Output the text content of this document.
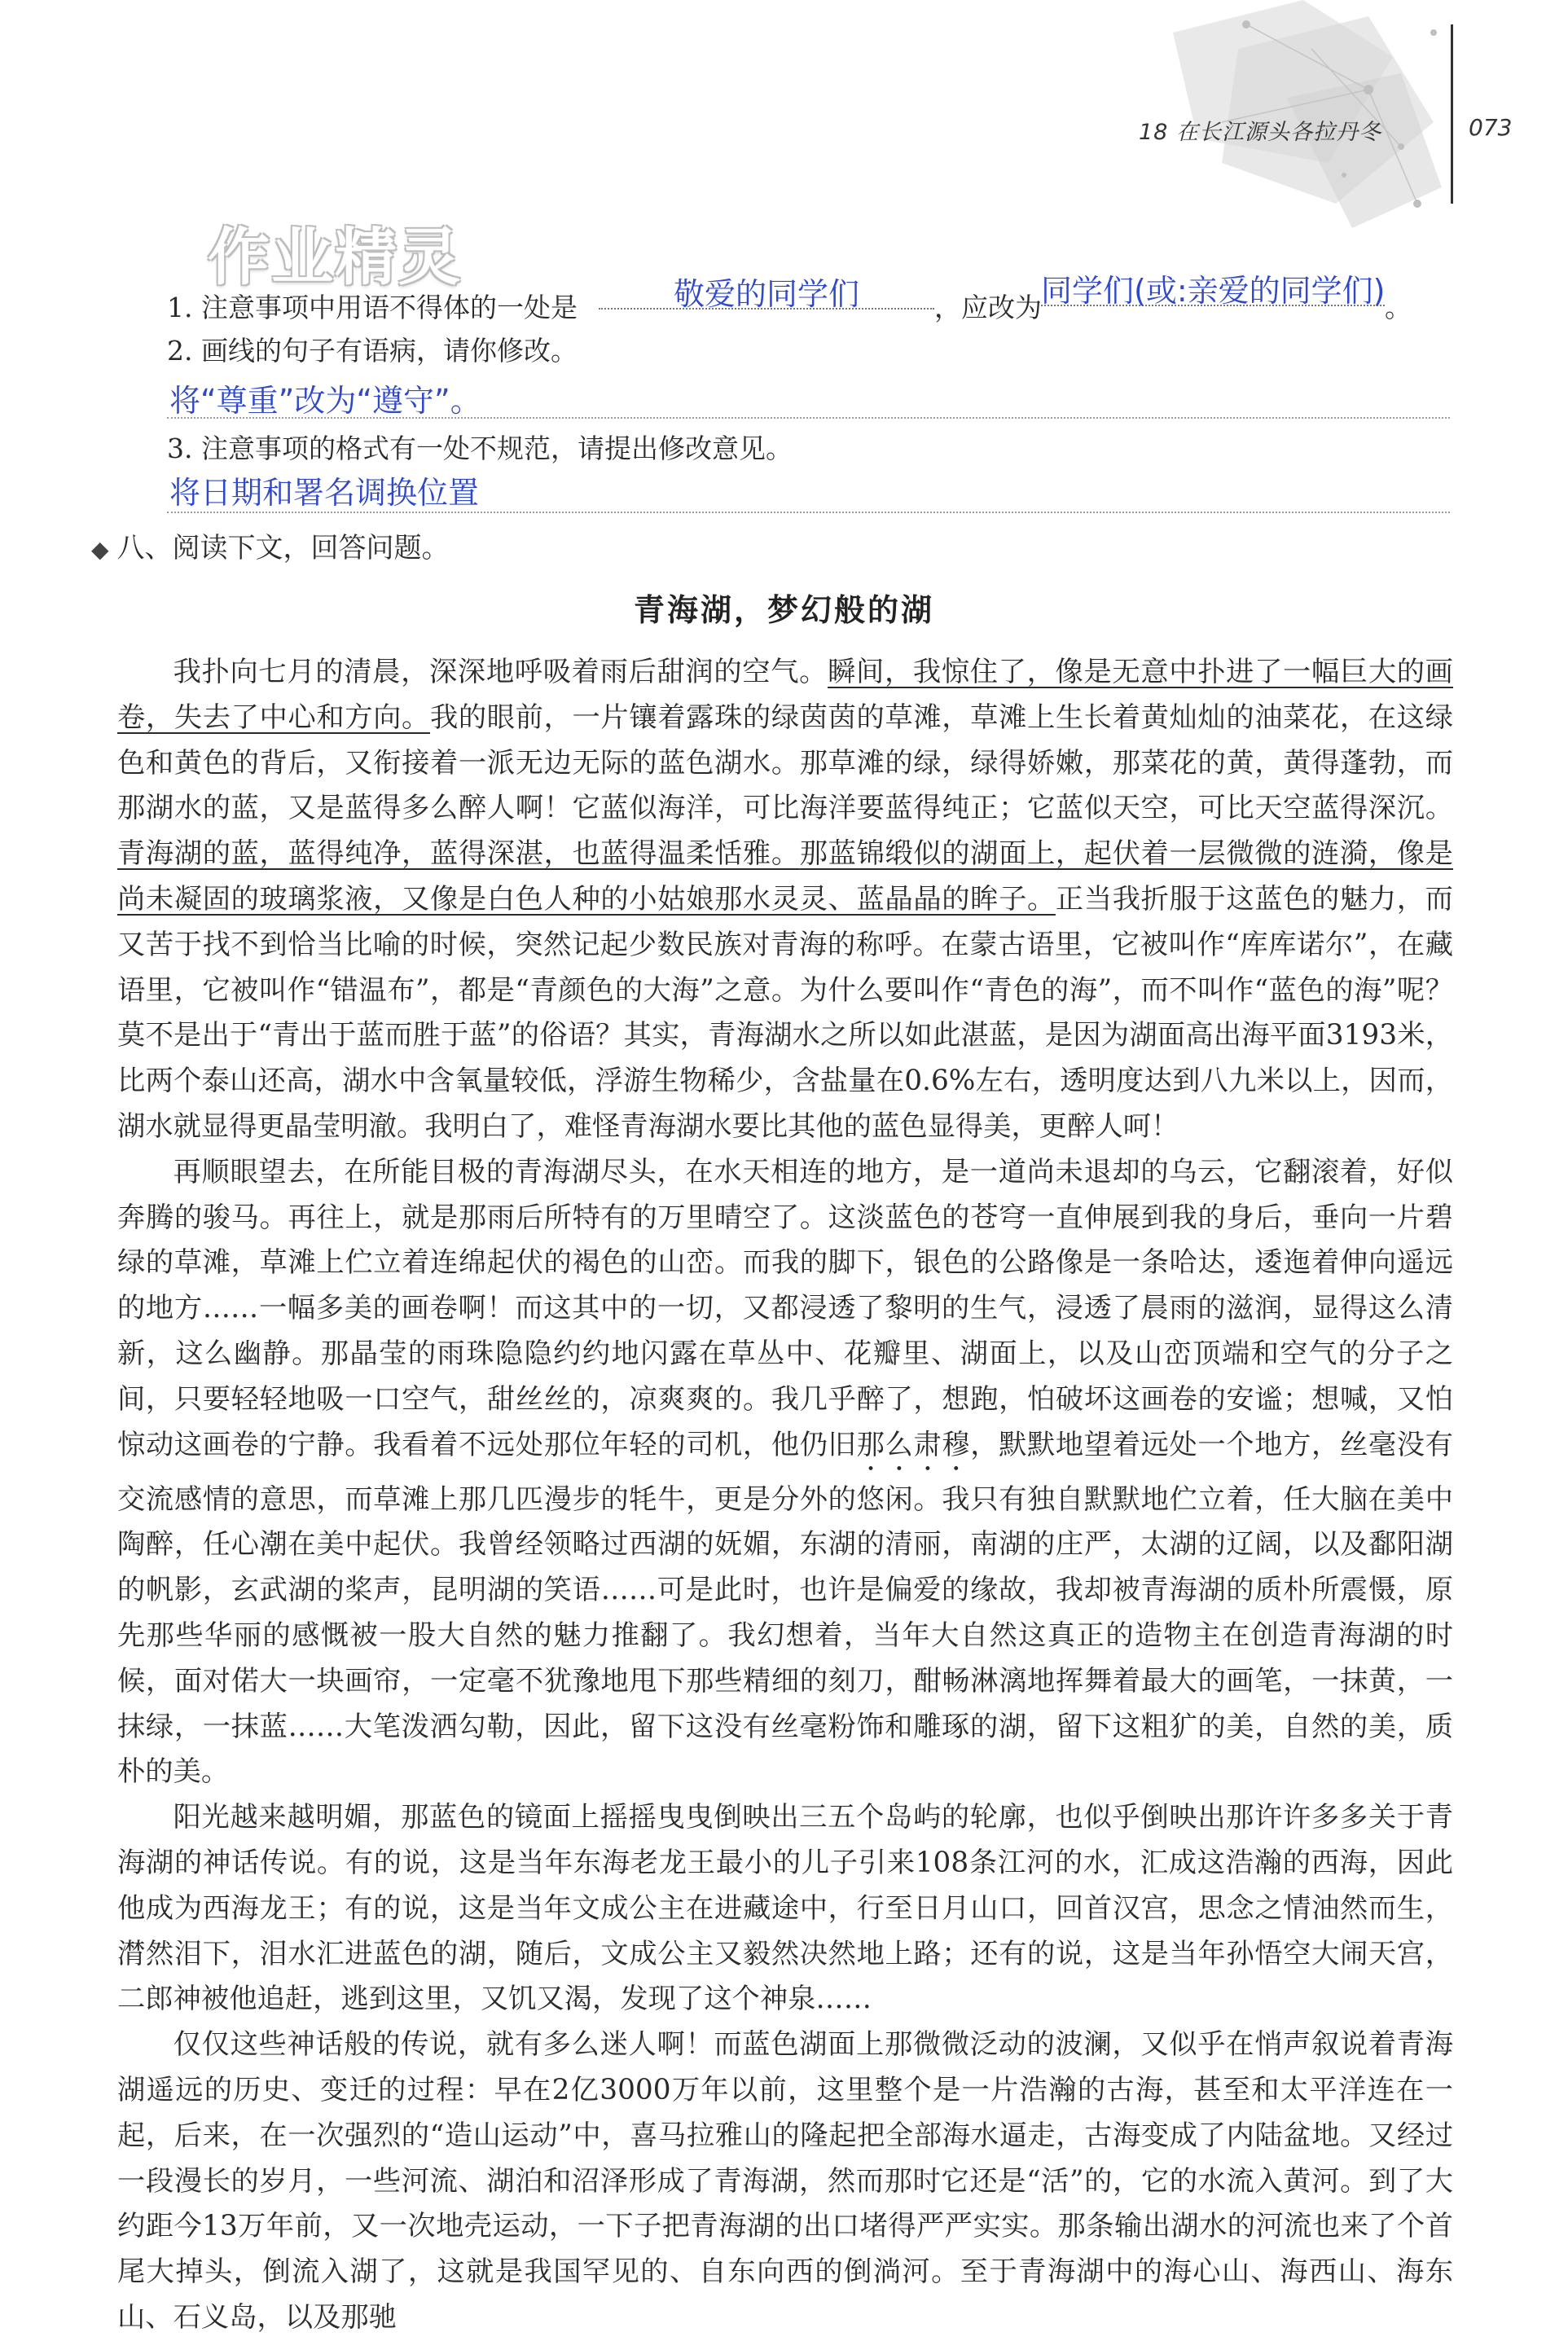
18 在长江源头各拉丹冬	073
作业精灵
1. 注意事项中用语不得体的一处是	敬爱的同学们	，应改为 同学们(或:亲爱的同学们) 。
2. 画线的句子有语病，请你修改。
将“尊重”改为“遵守”。
3. 注意事项的格式有一处不规范，请提出修改意见。
将日期和署名调换位置
◆ 八、阅读下文，回答问题。
青海湖，梦幻般的湖

我扑向七月的清晨，深深地呼吸着雨后甜润的空气。瞬间，我惊住了，像是无意中扑进了一幅巨大的画卷，失去了中心和方向。我的眼前，一片镶着露珠的绿茵茵的草滩，草滩上生长着黄灿灿的油菜花，在这绿色和黄色的背后，又衔接着一派无边无际的蓝色湖水。那草滩的绿，绿得娇嫩，那菜花的黄，黄得蓬勃，而那湖水的蓝，又是蓝得多么醉人啊！它蓝似海洋，可比海洋要蓝得纯正；它蓝似天空，可比天空蓝得深沉。青海湖的蓝，蓝得纯净，蓝得深湛，也蓝得温柔恬雅。那蓝锦缎似的湖面上，起伏着一层微微的涟漪，像是尚未凝固的玻璃浆液，又像是白色人种的小姑娘那水灵灵、蓝晶晶的眸子。正当我折服于这蓝色的魅力，而又苦于找不到恰当比喻的时候，突然记起少数民族对青海的称呼。在蒙古语里，它被叫作“库库诺尔”，在藏语里，它被叫作“错温布”，都是“青颜色的大海”之意。为什么要叫作“青色的海”，而不叫作“蓝色的海”呢？莫不是出于“青出于蓝而胜于蓝”的俗语？其实，青海湖水之所以如此湛蓝，是因为湖面高出海平面3193米，比两个泰山还高，湖水中含氧量较低，浮游生物稀少，含盐量在0.6%左右，透明度达到八九米以上，因而，湖水就显得更晶莹明澈。我明白了，难怪青海湖水要比其他的蓝色显得美，更醉人呵！

再顺眼望去，在所能目极的青海湖尽头，在水天相连的地方，是一道尚未退却的乌云，它翻滚着，好似奔腾的骏马。再往上，就是那雨后所特有的万里晴空了。这淡蓝色的苍穹一直伸展到我的身后，垂向一片碧绿的草滩，草滩上伫立着连绵起伏的褐色的山峦。而我的脚下，银色的公路像是一条哈达，逶迤着伸向遥远的地方……一幅多美的画卷啊！而这其中的一切，又都浸透了黎明的生气，浸透了晨雨的滋润，显得这么清新，这么幽静。那晶莹的雨珠隐隐约约地闪露在草丛中、花瓣里、湖面上，以及山峦顶端和空气的分子之间，只要轻轻地吸一口空气，甜丝丝的，凉爽爽的。我几乎醉了，想跑，怕破坏这画卷的安谧；想喊，又怕惊动这画卷的宁静。我看着不远处那位年轻的司机，他仍旧那么肃穆，默默地望着远处一个地方，丝毫没有交流感情的意思，而草滩上那几匹漫步的牦牛，更是分外的悠闲。我只有独自默默地伫立着，任大脑在美中陶醉，任心潮在美中起伏。我曾经领略过西湖的妩媚，东湖的清丽，南湖的庄严，太湖的辽阔，以及鄱阳湖的帆影，玄武湖的桨声，昆明湖的笑语……可是此时，也许是偏爱的缘故，我却被青海湖的质朴所震慑，原先那些华丽的感慨被一股大自然的魅力推翻了。我幻想着，当年大自然这真正的造物主在创造青海湖的时候，面对偌大一块画帘，一定毫不犹豫地甩下那些精细的刻刀，酣畅淋漓地挥舞着最大的画笔，一抹黄，一抹绿，一抹蓝……大笔泼洒勾勒，因此，留下这没有丝毫粉饰和雕琢的湖，留下这粗犷的美，自然的美，质朴的美。

阳光越来越明媚，那蓝色的镜面上摇摇曳曳倒映出三五个岛屿的轮廓，也似乎倒映出那许许多多关于青海湖的神话传说。有的说，这是当年东海老龙王最小的儿子引来108条江河的水，汇成这浩瀚的西海，因此他成为西海龙王；有的说，这是当年文成公主在进藏途中，行至日月山口，回首汉宫，思念之情油然而生，潸然泪下，泪水汇进蓝色的湖，随后，文成公主又毅然决然地上路；还有的说，这是当年孙悟空大闹天宫，二郎神被他追赶，逃到这里，又饥又渴，发现了这个神泉……

仅仅这些神话般的传说，就有多么迷人啊！而蓝色湖面上那微微泛动的波澜，又似乎在悄声叙说着青海湖遥远的历史、变迁的过程：早在2亿3000万年以前，这里整个是一片浩瀚的古海，甚至和太平洋连在一起，后来，在一次强烈的“造山运动”中，喜马拉雅山的隆起把全部海水逼走，古海变成了内陆盆地。又经过一段漫长的岁月，一些河流、湖泊和沼泽形成了青海湖，然而那时它还是“活”的，它的水流入黄河。到了大约距今13万年前，又一次地壳运动，一下子把青海湖的出口堵得严严实实。那条输出湖水的河流也来了个首尾大掉头，倒流入湖了，这就是我国罕见的、自东向西的倒淌河。至于青海湖中的海心山、海西山、海东山、石义岛，以及那驰
